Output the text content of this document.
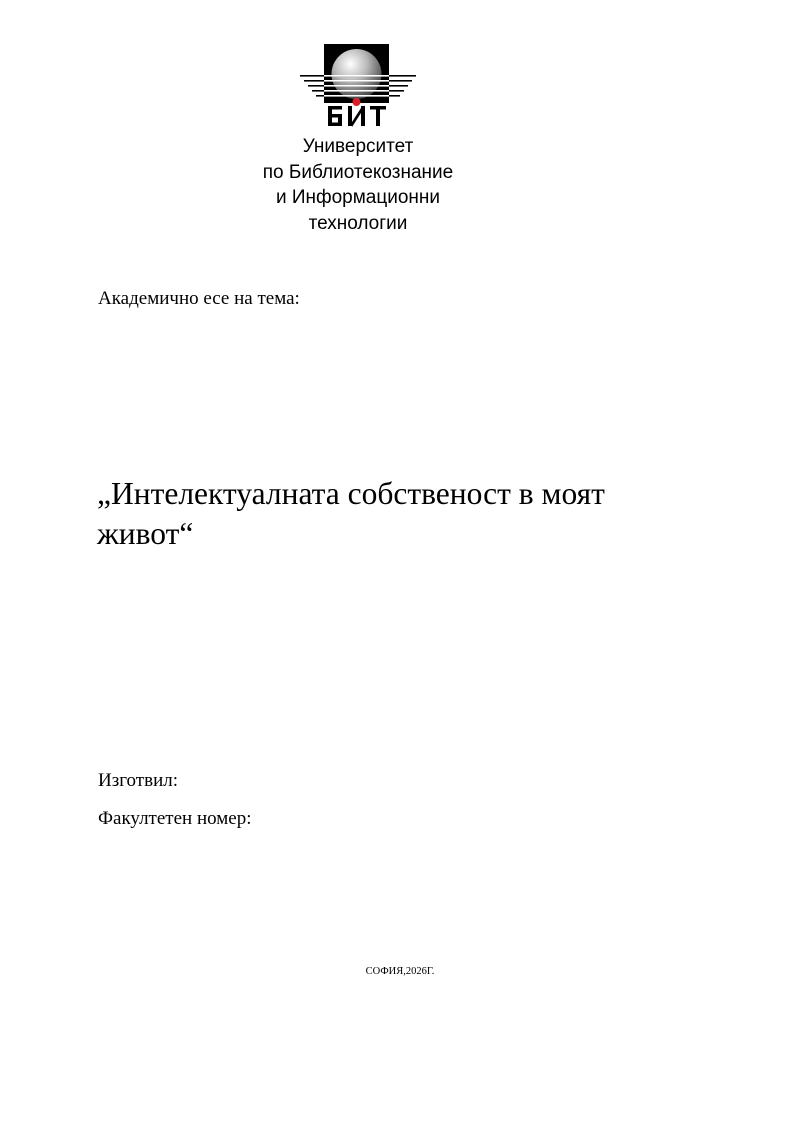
Университет
по Библиотекознание
и Информационни
технологии
Академично есе на тема:
„Интелектуалната собственост в моят
живот“
Изготвил:
Факултетен номер:
СОФИЯ,2026Г.
